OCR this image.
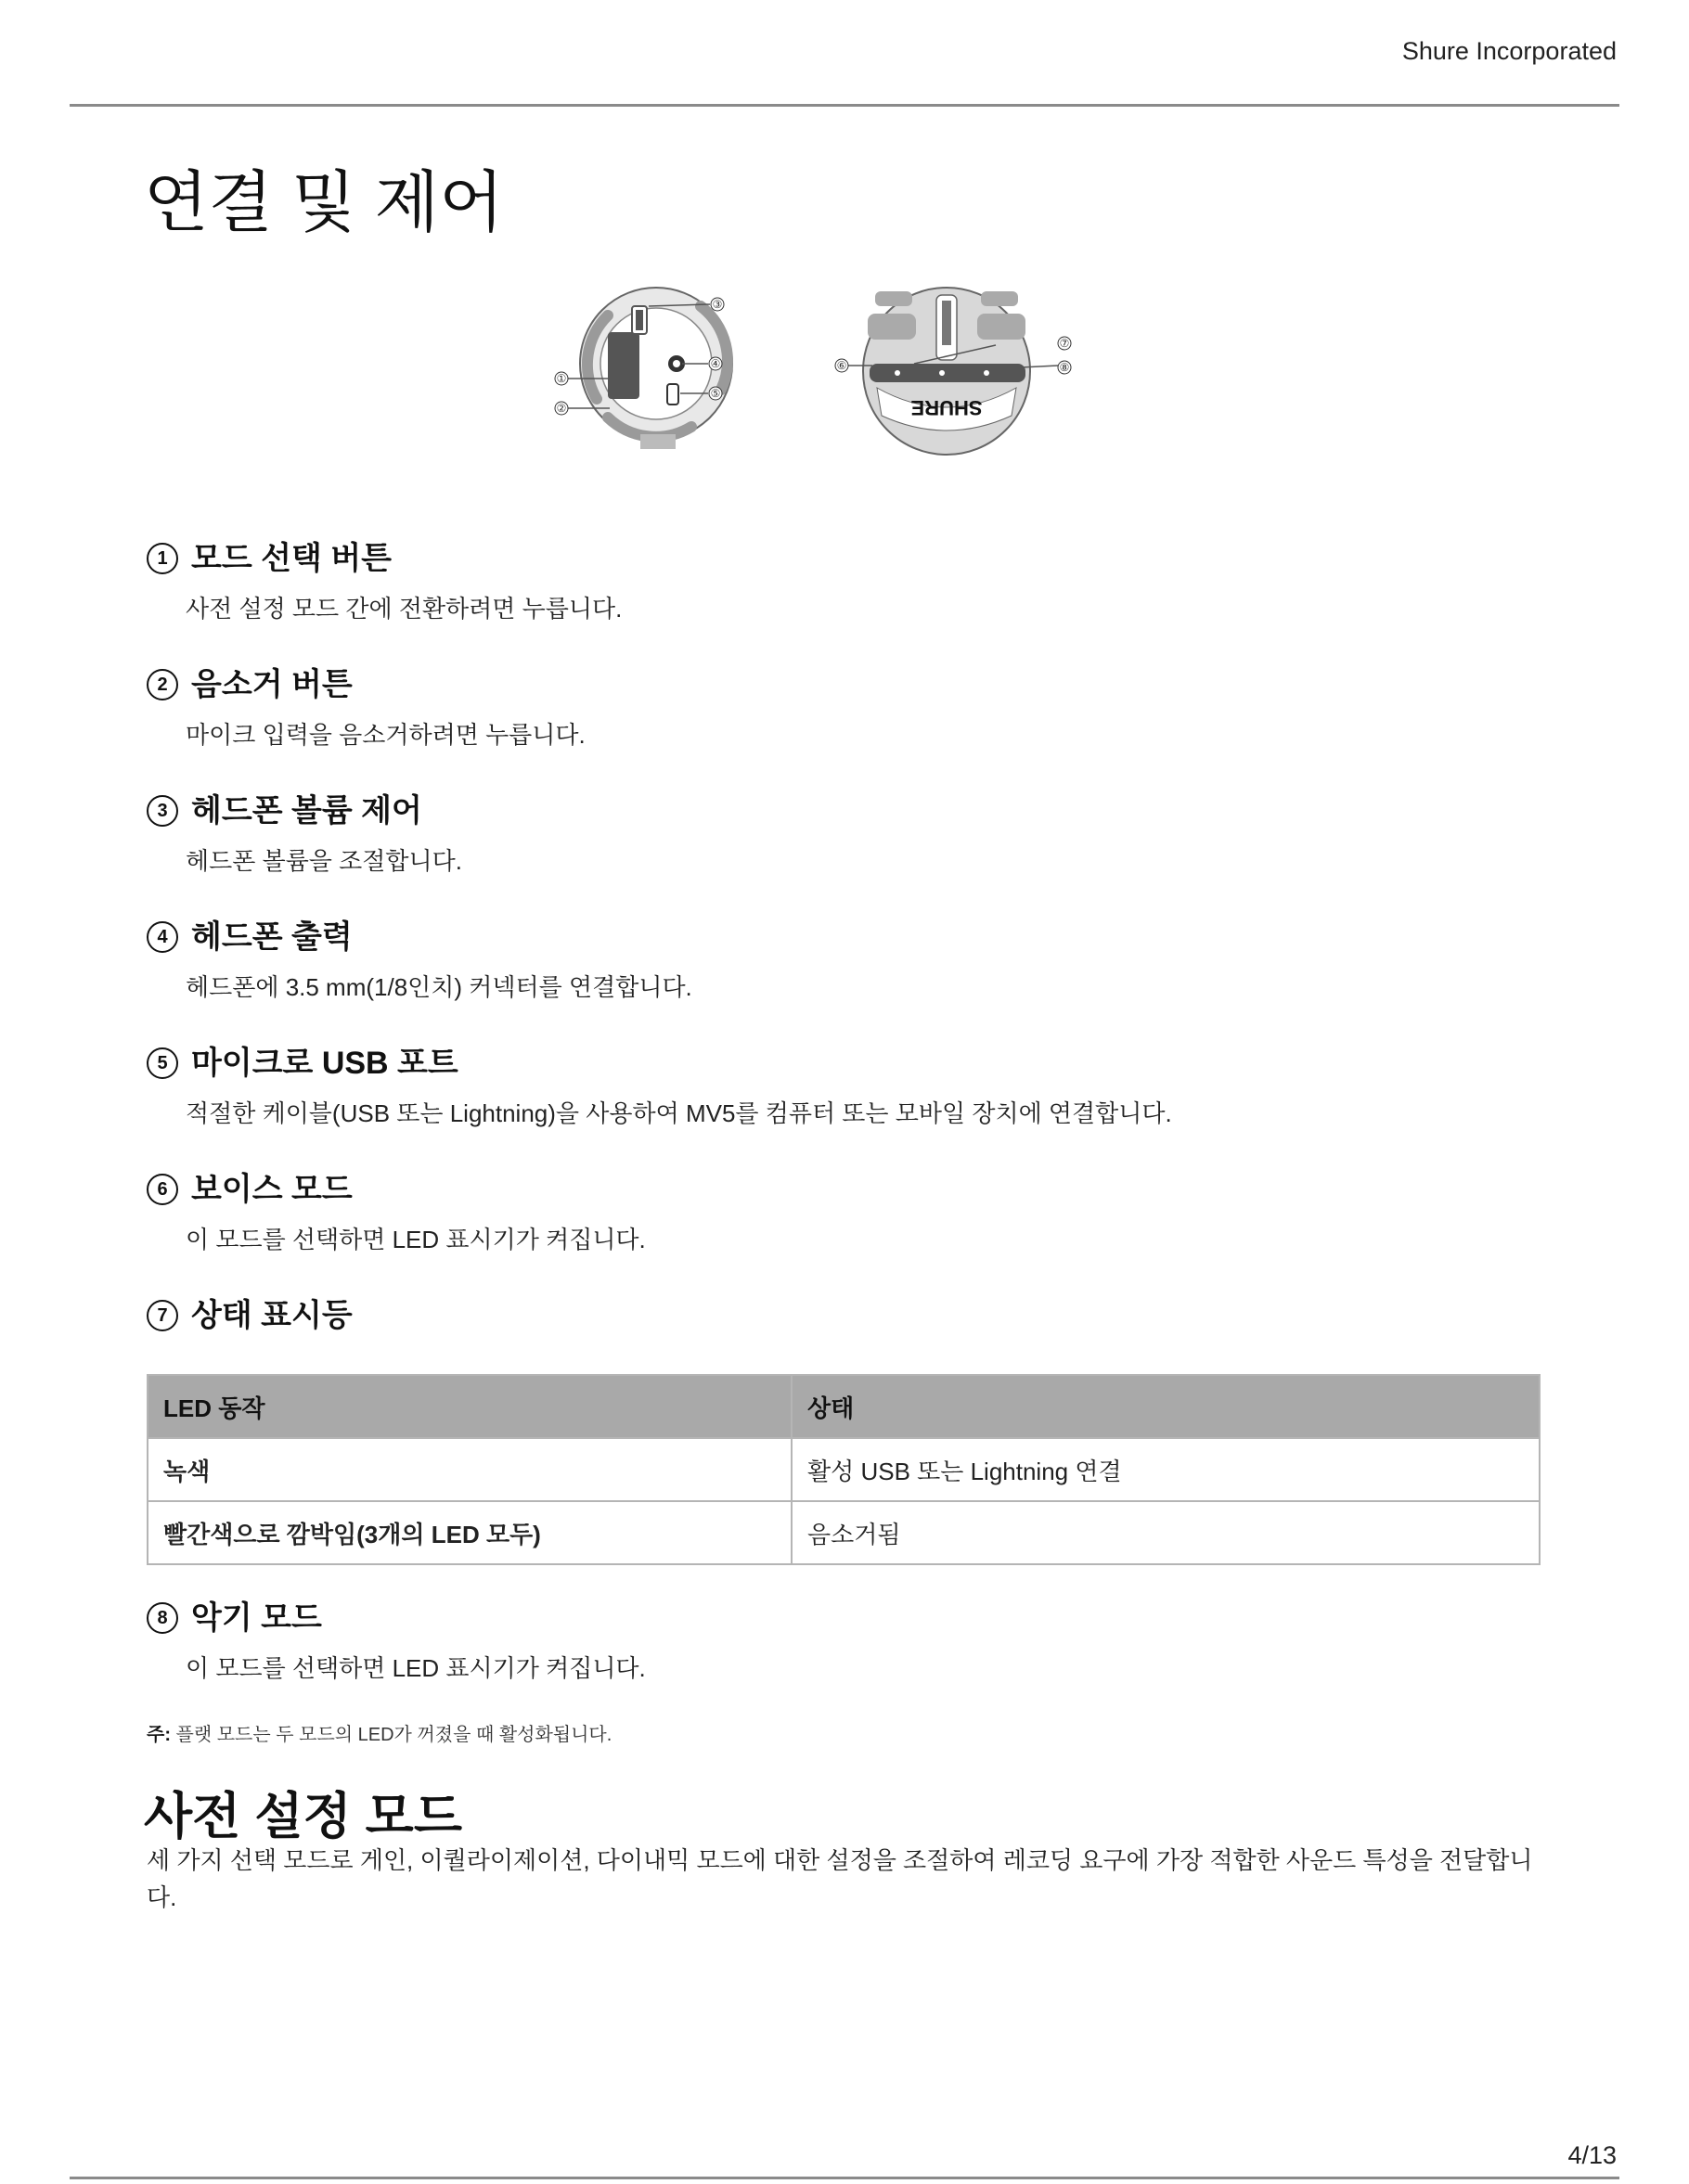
Shure Incorporated
연결 및 제어
①
②
③
④
⑤
SHURE
⑥
⑦
⑧
1 모드 선택 버튼
사전 설정 모드 간에 전환하려면 누릅니다.
2 음소거 버튼
마이크 입력을 음소거하려면 누릅니다.
3 헤드폰 볼륨 제어
헤드폰 볼륨을 조절합니다.
4 헤드폰 출력
헤드폰에 3.5 mm(1/8인치) 커넥터를 연결합니다.
5 마이크로 USB 포트
적절한 케이블(USB 또는 Lightning)을 사용하여 MV5를 컴퓨터 또는 모바일 장치에 연결합니다.
6 보이스 모드
이 모드를 선택하면 LED 표시기가 켜집니다.
7 상태 표시등
LED 동작	상태
녹색	활성 USB 또는 Lightning 연결
빨간색으로 깜박임(3개의 LED 모두)	음소거됨
8 악기 모드
이 모드를 선택하면 LED 표시기가 켜집니다.
주: 플랫 모드는 두 모드의 LED가 꺼졌을 때 활성화됩니다.
사전 설정 모드

세 가지 선택 모드로 게인, 이퀄라이제이션, 다이내믹 모드에 대한 설정을 조절하여 레코딩 요구에 가장 적합한 사운드 특성을 전달합니다.

4/13
